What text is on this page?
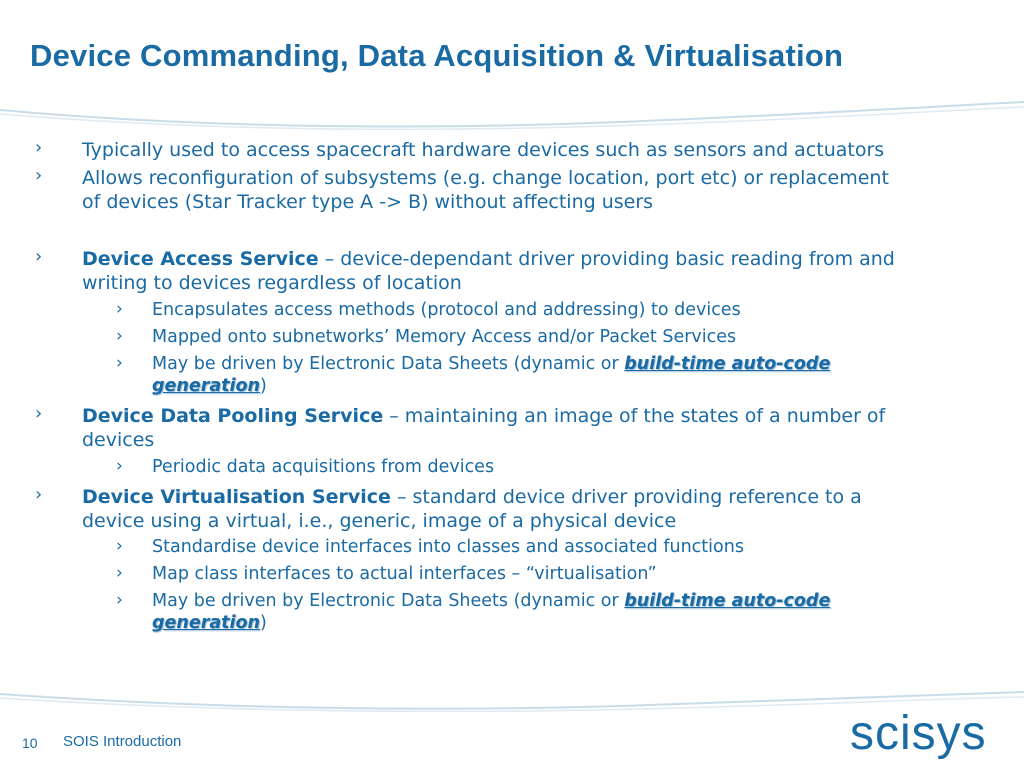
Device Commanding, Data Acquisition & Virtualisation
› Typically used to access spacecraft hardware devices such as sensors and actuators
› Allows reconfiguration of subsystems (e.g. change location, port etc) or replacement
of devices (Star Tracker type A -> B) without affecting users
› Device Access Service – device-dependant driver providing basic reading from and
writing to devices regardless of location
› Encapsulates access methods (protocol and addressing) to devices
› Mapped onto subnetworks’ Memory Access and/or Packet Services
› May be driven by Electronic Data Sheets (dynamic or build-time auto-code
generation)
› Device Data Pooling Service – maintaining an image of the states of a number of
devices
› Periodic data acquisitions from devices
› Device Virtualisation Service – standard device driver providing reference to a
device using a virtual, i.e., generic, image of a physical device
› Standardise device interfaces into classes and associated functions
› Map class interfaces to actual interfaces – “virtualisation”
› May be driven by Electronic Data Sheets (dynamic or build-time auto-code
generation)
10 SOIS Introduction	scisys
